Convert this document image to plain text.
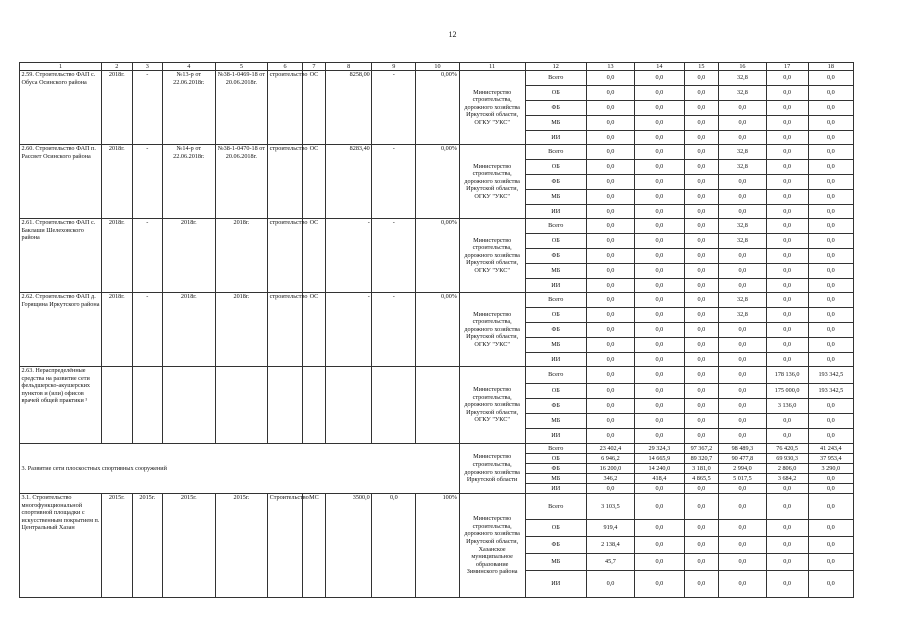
12
1	2	3	4	5	6	7	8	9	10	11	12	13	14	15	16	17	18
2.59. Строительство ФАП с. Обуса Осинского района	2018г.	-	№13-р от 22.06.2018г.	№38-1-0469-18 от 20.06.2018г.	строительство	ОС	8258,00	-	0,00%	Министерство строительства, дорожного хозяйства Иркутской области, ОГКУ "УКС"	Всего	0,0	0,0	0,0	32,8	0,0	0,0
											ОБ	0,0	0,0	0,0	32,8	0,0	0,0
											ФБ	0,0	0,0	0,0	0,0	0,0	0,0
											МБ	0,0	0,0	0,0	0,0	0,0	0,0
											ИИ	0,0	0,0	0,0	0,0	0,0	0,0
2.60. Строительство ФАП п. Рассвет Осинского района	2018г.	-	№14-р от 22.06.2018г.	№38-1-0470-18 от 20.06.2018г.	строительство	ОС	8283,40	-	0,00%	Министерство строительства, дорожного хозяйства Иркутской области, ОГКУ "УКС"	Всего	0,0	0,0	0,0	32,8	0,0	0,0
											ОБ	0,0	0,0	0,0	32,8	0,0	0,0
											ФБ	0,0	0,0	0,0	0,0	0,0	0,0
											МБ	0,0	0,0	0,0	0,0	0,0	0,0
											ИИ	0,0	0,0	0,0	0,0	0,0	0,0
2.61. Строительство ФАП с. Баклаши Шелеховского района	2018г.	-	2018г.	2018г.	строительство	ОС	-	-	0,00%	Министерство строительства, дорожного хозяйства Иркутской области, ОГКУ "УКС"	Всего	0,0	0,0	0,0	32,8	0,0	0,0
											ОБ	0,0	0,0	0,0	32,8	0,0	0,0
											ФБ	0,0	0,0	0,0	0,0	0,0	0,0
											МБ	0,0	0,0	0,0	0,0	0,0	0,0
											ИИ	0,0	0,0	0,0	0,0	0,0	0,0
2.62. Строительство ФАП д. Горящина Иркутского района	2018г.	-	2018г.	2018г.	строительство	ОС	-	-	0,00%	Министерство строительства, дорожного хозяйства Иркутской области, ОГКУ "УКС"	Всего	0,0	0,0	0,0	32,8	0,0	0,0
											ОБ	0,0	0,0	0,0	32,8	0,0	0,0
											ФБ	0,0	0,0	0,0	0,0	0,0	0,0
											МБ	0,0	0,0	0,0	0,0	0,0	0,0
											ИИ	0,0	0,0	0,0	0,0	0,0	0,0
2.63. Нераспределённые средства на развитие сети фельдшерско-акушерских пунктов и (или) офисов врачей общей практики ¹										Министерство строительства, дорожного хозяйства Иркутской области, ОГКУ "УКС"	Всего	0,0	0,0	0,0	0,0	178 136,0	193 342,5
											ОБ	0,0	0,0	0,0	0,0	175 000,0	193 342,5
											ФБ	0,0	0,0	0,0	0,0	3 136,0	0,0
											МБ	0,0	0,0	0,0	0,0	0,0	0,0
											ИИ	0,0	0,0	0,0	0,0	0,0	0,0
3. Развитие сети плоскостных спортивных сооружений										Министерство строительства, дорожного хозяйства Иркутской области	Всего	23 402,4	29 324,3	97 367,2	98 489,3	76 420,5	41 243,4
											ОБ	6 946,2	14 665,9	89 320,7	90 477,8	69 930,3	37 953,4
											ФБ	16 200,0	14 240,0	3 181,0	2 994,0	2 806,0	3 290,0
											МБ	346,2	418,4	4 865,5	5 017,5	3 684,2	0,0
											ИИ	0,0	0,0	0,0	0,0	0,0	0,0
3.1. Строительство многофункциональной спортивной площадки с искусственным покрытием п. Центральный Хазан	2015г.	2015г.	2015г.	2015г.	Строительство	МС	3500,0	0,0	100%	Министерство строительства, дорожного хозяйства Иркутской области, Хазанское муниципальное образование Зиминского района	Всего	3 103,5	0,0	0,0	0,0	0,0	0,0
											ОБ	919,4	0,0	0,0	0,0	0,0	0,0
											ФБ	2 138,4	0,0	0,0	0,0	0,0	0,0
											МБ	45,7	0,0	0,0	0,0	0,0	0,0
											ИИ	0,0	0,0	0,0	0,0	0,0	0,0
